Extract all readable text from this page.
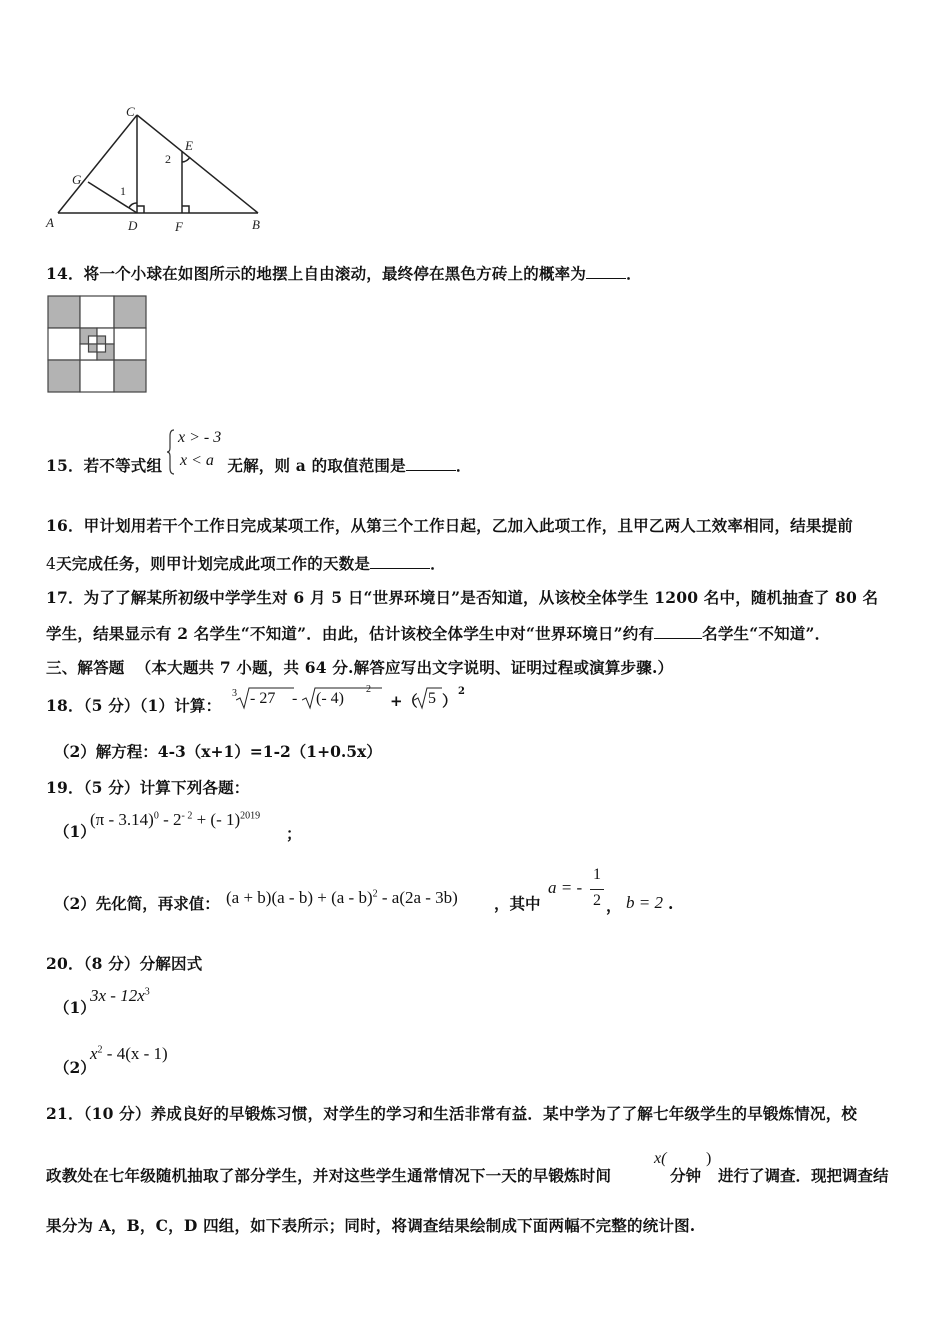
A	B
C
D
E
F
G
1
2
14．将一个小球在如图所示的地摆上自由滚动，最终停在黑色方砖上的概率为	．
15．若不等式组	无解，则 a 的取值范围是	．
x > - 3
x < a
16．甲计划用若干个工作日完成某项工作，从第三个工作日起，乙加入此项工作，且甲乙两人工效率相同，结果提前
4天完成任务，则甲计划完成此项工作的天数是	．
17．为了了解某所初级中学学生对 6 月 5 日“世界环境日”是否知道，从该校全体学生 1200 名中，随机抽查了 80 名
学生，结果显示有 2 名学生“不知道”．由此，估计该校全体学生中对“世界环境日”约有	名学生“不知道”．
三、解答题 （本大题共 7 小题，共 64 分.解答应写出文字说明、证明过程或演算步骤.）
18．（5 分）（1）计算：
3 - 27 - (- 4)
2
+（ 5 ）
2
（2）解方程：4-3（x+1）=1-2（1+0.5x）
19．（5 分）计算下列各题：
（1）
$(\pi - 3.14)^0 - 2^{- 2}$ + (- 1)$^{2019}$
；
（2）先化简，再求值： (a + b)(a - b) + (a - b)$^2$ - a(2a - 3b) ，其中
a = -
1
2 ， b = 2 .
20．（8 分）分解因式
（1）
$3x - 12x^3$
（2）
$x^2 - 4(x - 1)$
21．（10 分）养成良好的早锻炼习惯，对学生的学习和生活非常有益．某中学为了了解七年级学生的早锻炼情况，校
政教处在七年级随机抽取了部分学生，并对这些学生通常情况下一天的早锻炼时间
x(
分钟
)
进行了调查．现把调查结
果分为 A，B，C，D 四组，如下表所示；同时，将调查结果绘制成下面两幅不完整的统计图.
